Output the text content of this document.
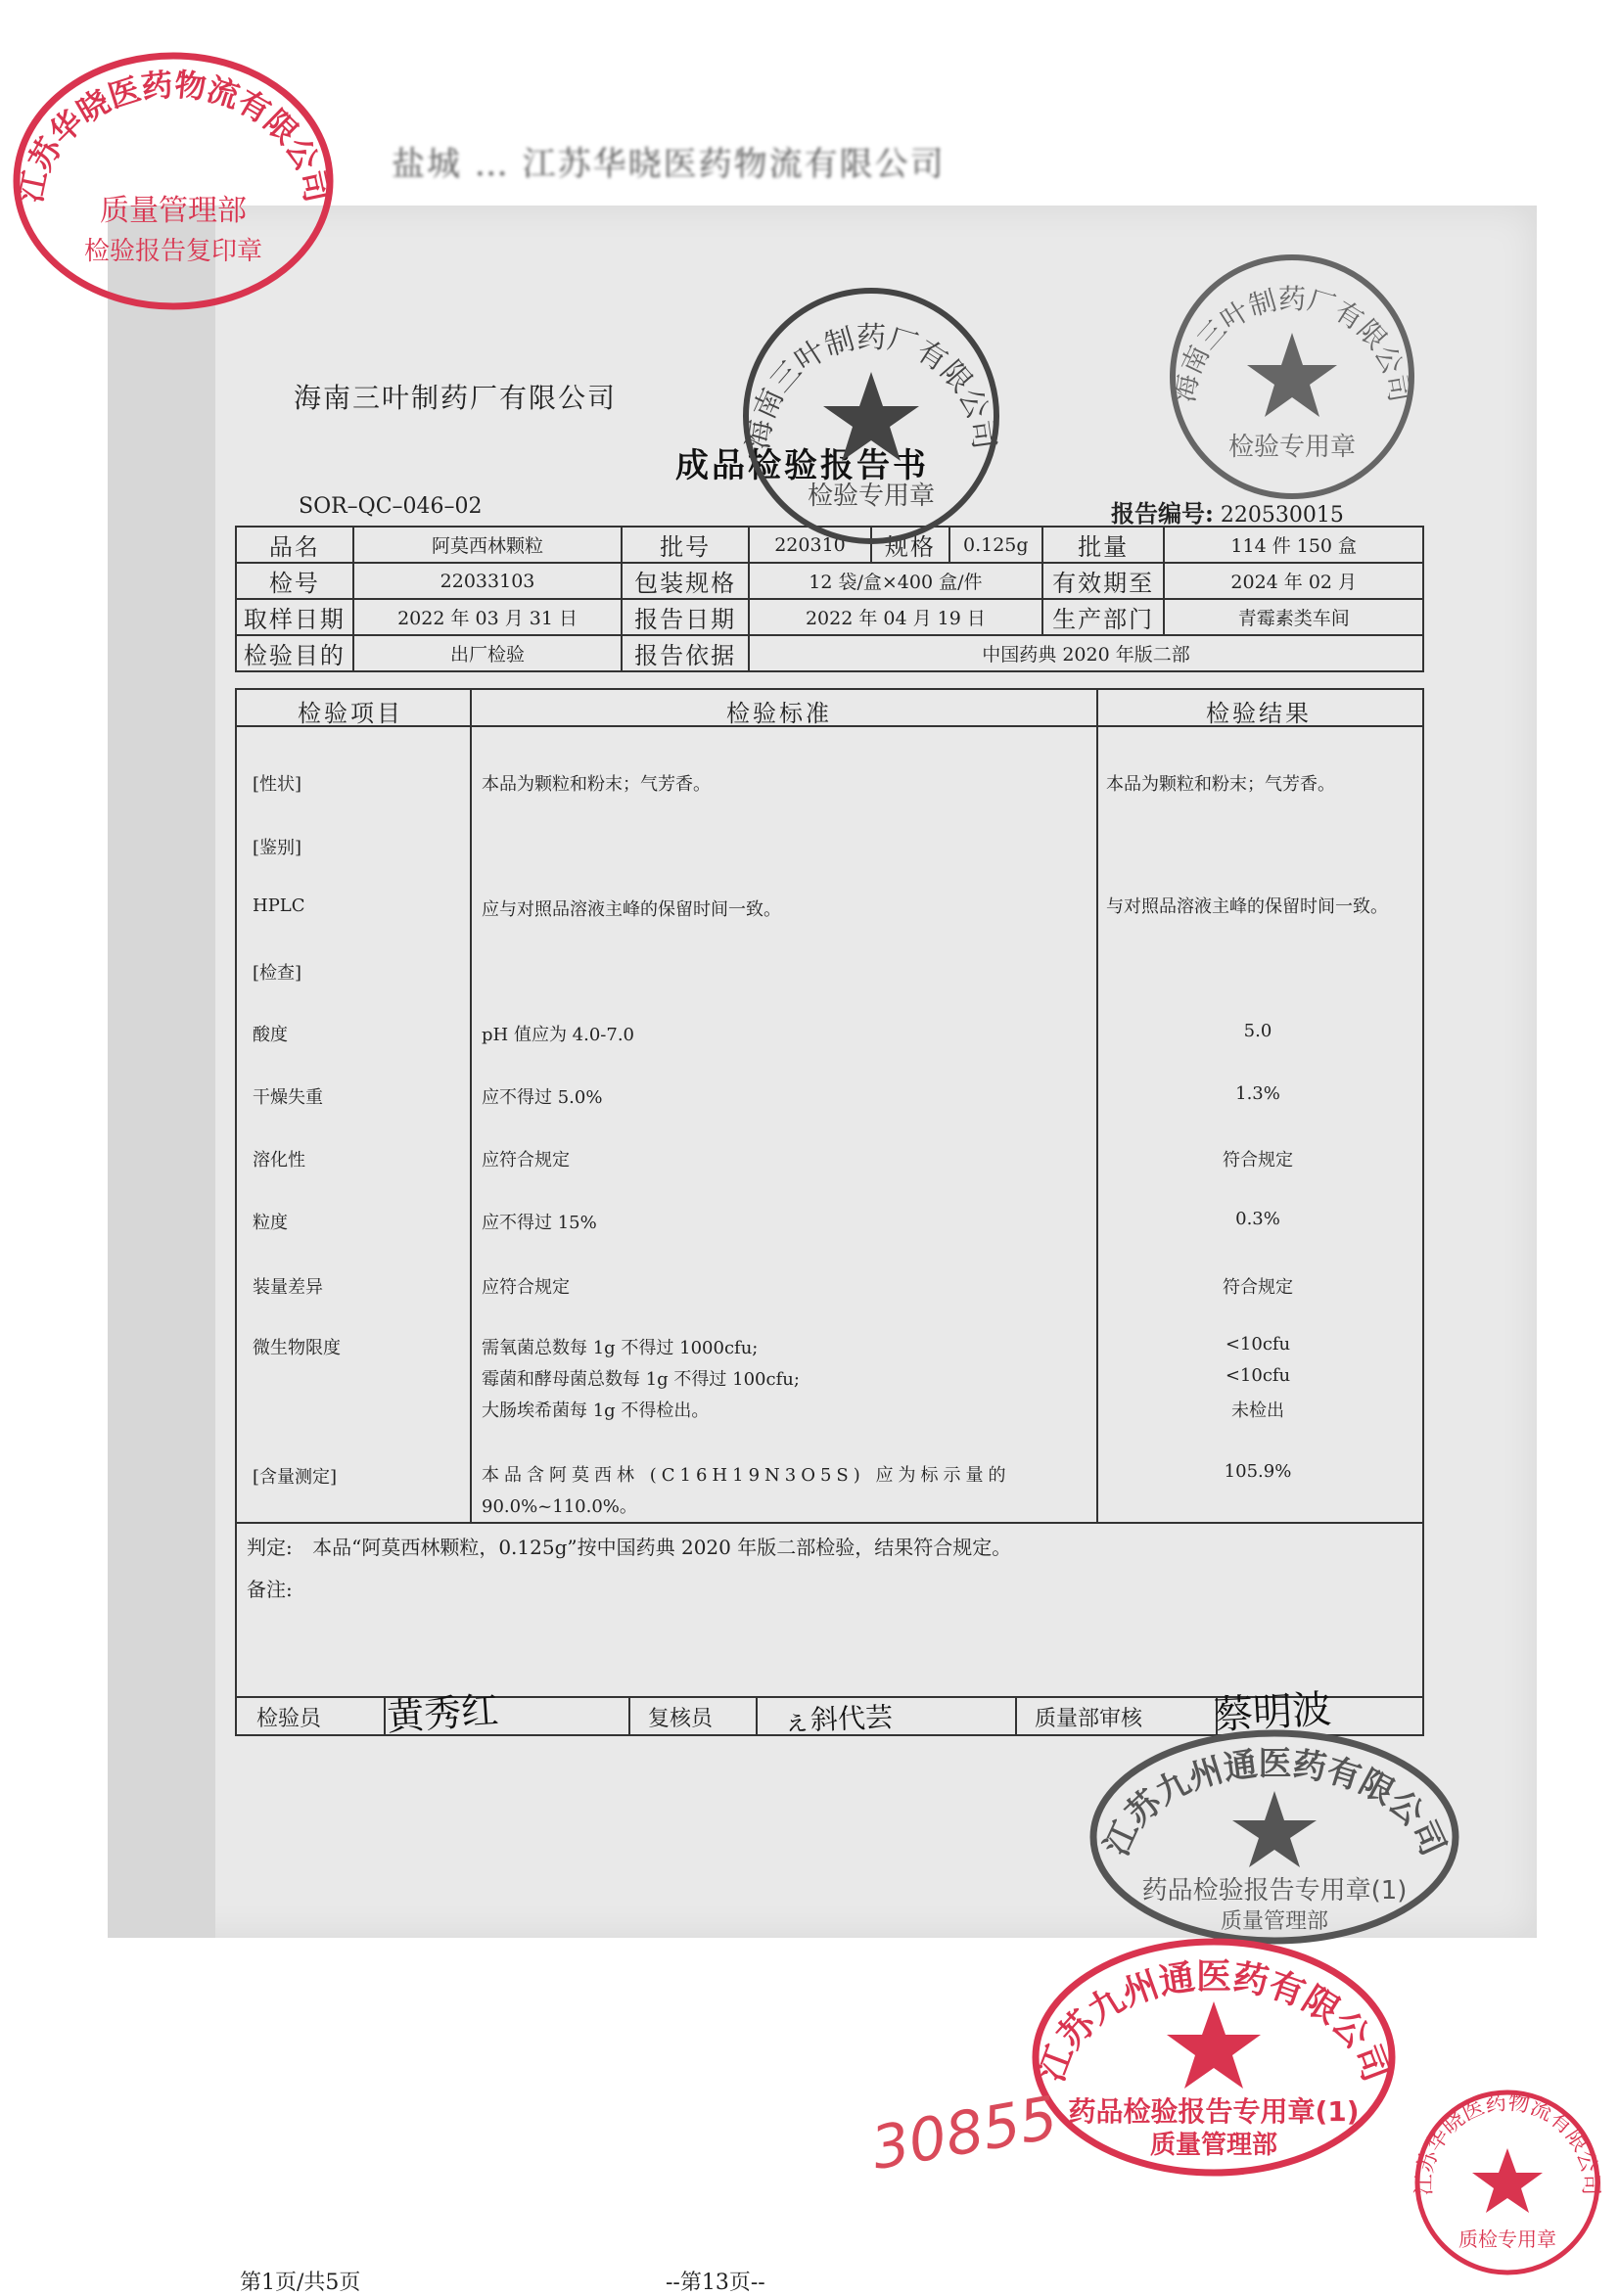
盐城 … 江苏华晓医药物流有限公司
海南三叶制药厂有限公司
成品检验报告书
SOR–QC–046–02	报告编号: 220530015
品名	阿莫西林颗粒	批号	220310	规格	0.125g	批量	114 件 150 盒
检号	22033103	包装规格	12 袋/盒×400 盒/件			有效期至	2024 年 02 月
取样日期	2022 年 03 月 31 日	报告日期	2022 年 04 月 19 日			生产部门	青霉素类车间
检验目的	出厂检验	报告依据	中国药典 2020 年版二部				
检验项目	检验标准	检验结果
[性状]	本品为颗粒和粉末；气芳香。	本品为颗粒和粉末；气芳香。
[鉴别]
HPLC	应与对照品溶液主峰的保留时间一致。	与对照品溶液主峰的保留时间一致。
[检查]
酸度	pH 值应为 4.0-7.0	5.0
干燥失重	应不得过 5.0%	1.3%
溶化性	应符合规定	符合规定
粒度	应不得过 15%	0.3%
装量差异	应符合规定	符合规定
微生物限度	需氧菌总数每 1g 不得过 1000cfu;	<10cfu
霉菌和酵母菌总数每 1g 不得过 100cfu;	<10cfu
大肠埃希菌每 1g 不得检出。	未检出
[含量测定]	本品含阿莫西林 (C16H19N3O5S) 应为标示量的	105.9%
90.0%~110.0%。
判定: 本品“阿莫西林颗粒，0.125g”按中国药典 2020 年版二部检验，结果符合规定。
备注:
检验员	复核员	质量部审核
黄秀红	ぇ斜代芸	蔡明波
江苏华晓医药物流有限公司
质量管理部
检验报告复印章
海南三叶制药厂有限公司
检验专用章
海南三叶制药厂有限公司
检验专用章
江苏九州通医药有限公司
药品检验报告专用章(1)
质量管理部
江苏九州通医药有限公司
药品检验报告专用章(1)
质量管理部
江苏华晓医药物流有限公司
质检专用章
30855
第1页/共5页	--第13页--
